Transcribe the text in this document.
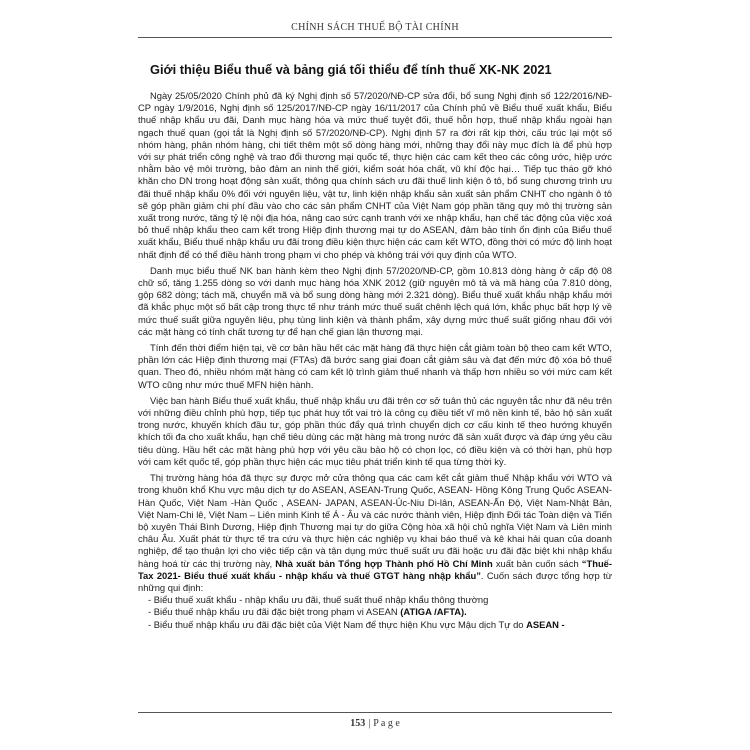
CHÍNH SÁCH THUẾ BỘ TÀI CHÍNH
Giới thiệu Biểu thuế và bảng giá tối thiểu để tính thuế XK-NK 2021

Ngày 25/05/2020 Chính phủ đã ký Nghị định số 57/2020/NĐ-CP sửa đổi, bổ sung Nghị định số 122/2016/NĐ-CP ngày 1/9/2016, Nghị định số 125/2017/NĐ-CP ngày 16/11/2017 của Chính phủ về Biểu thuế xuất khẩu, Biểu thuế nhập khẩu ưu đãi, Danh mục hàng hóa và mức thuế tuyệt đối, thuế hỗn hợp, thuế nhập khẩu ngoài hạn ngạch thuế quan (gọi tắt là Nghị định số 57/2020/NĐ-CP). Nghị định 57 ra đời rất kịp thời, cấu trúc lại một số nhóm hàng, phân nhóm hàng, chi tiết thêm một số dòng hàng mới, những thay đổi này mục đích là để phù hợp với sự phát triển công nghệ và trao đổi thương mại quốc tế, thực hiện các cam kết theo các công ước, hiệp ước nhằm bảo vệ môi trường, bảo đảm an ninh thế giới, kiểm soát hóa chất, vũ khí độc hại… Tiếp tục tháo gỡ khó khăn cho DN trong hoạt động sản xuất, thông qua chính sách ưu đãi thuế linh kiện ô tô, bổ sung chương trình ưu đãi thuế nhập khẩu 0% đối với nguyên liệu, vật tư, linh kiện nhập khẩu sản xuất sản phẩm CNHT cho ngành ô tô sẽ góp phần giảm chi phí đầu vào cho các sản phẩm CNHT của Việt Nam góp phần tăng quy mô thị trường sản xuất trong nước, tăng tỷ lệ nội địa hóa, nâng cao sức cạnh tranh với xe nhập khẩu, hạn chế tác động của việc xoá bỏ thuế nhập khẩu theo cam kết trong Hiệp định thương mại tự do ASEAN, đảm bảo tính ổn định của Biểu thuế xuất khẩu, Biểu thuế nhập khẩu ưu đãi trong điều kiện thực hiện các cam kết WTO, đồng thời có mức độ linh hoạt nhất định để có thể điều hành trong phạm vi cho phép và không trái với quy định của WTO.

Danh mục biểu thuế NK ban hành kèm theo Nghị định 57/2020/NĐ-CP, gồm 10.813 dòng hàng ở cấp độ 08 chữ số, tăng 1.255 dòng so với danh mục hàng hóa XNK 2012 (giữ nguyên mô tả và mã hàng của 7.810 dòng, gộp 682 dòng; tách mã, chuyển mã và bổ sung dòng hàng mới 2.321 dòng). Biểu thuế xuất khẩu nhập khẩu mới đã khắc phục một số bất cập trong thực tế như tránh mức thuế suất chênh lệch quá lớn, khắc phục bất hợp lý về mức thuế suất giữa nguyên liệu, phụ tùng linh kiện và thành phẩm, xây dựng mức thuế suất giống nhau đối với các mặt hàng có tính chất tương tự để hạn chế gian lận thương mại.

Tính đến thời điểm hiện tại, về cơ bản hầu hết các mặt hàng đã thực hiện cắt giảm toàn bộ theo cam kết WTO, phần lớn các Hiệp định thương mại (FTAs) đã bước sang giai đoạn cắt giảm sâu và đạt đến mức độ xóa bỏ thuế quan. Theo đó, nhiều nhóm mặt hàng có cam kết lộ trình giảm thuế nhanh và thấp hơn nhiều so với mức cam kết WTO cũng như mức thuế MFN hiện hành.

Việc ban hành Biểu thuế xuất khẩu, thuế nhập khẩu ưu đãi trên cơ sở tuân thủ các nguyên tắc như đã nêu trên với những điều chỉnh phù hợp, tiếp tục phát huy tốt vai trò là công cụ điều tiết vĩ mô nền kinh tế, bảo hộ sản xuất trong nước, khuyến khích đầu tư, góp phần thúc đẩy quá trình chuyển dịch cơ cấu kinh tế theo hướng khuyến khích tối đa cho xuất khẩu, hạn chế tiêu dùng các mặt hàng mà trong nước đã sản xuất được và đáp ứng yêu cầu tiêu dùng. Hầu hết các mặt hàng phù hợp với yêu cầu bảo hộ có chọn lọc, có điều kiện và có thời hạn, phù hợp với cam kết quốc tế, góp phần thực hiện các mục tiêu phát triển kinh tế qua từng thời kỳ.

Thị trường hàng hóa đã thực sự được mở cửa thông qua các cam kết cắt giảm thuế Nhập khẩu với WTO và trong khuôn khổ Khu vực mậu dịch tự do ASEAN, ASEAN-Trung Quốc, ASEAN- Hồng Kông Trung Quốc ASEAN-Hàn Quốc, Việt Nam -Hàn Quốc , ASEAN- JAPAN, ASEAN-Úc-Niu Di-lân, ASEAN-Ấn Độ, Việt Nam-Nhật Bản, Việt Nam-Chi lê, Việt Nam – Liên minh Kinh tế Á - Âu và các nước thành viên, Hiệp định Đối tác Toàn diện và Tiến bộ xuyên Thái Bình Dương, Hiệp định Thương mại tự do giữa Cộng hòa xã hội chủ nghĩa Việt Nam và Liên minh châu Âu. Xuất phát từ thực tế tra cứu và thực hiện các nghiệp vụ khai báo thuế và kê khai hải quan của doanh nghiệp, để tạo thuận lợi cho việc tiếp cận và tận dụng mức thuế suất ưu đãi hoặc ưu đãi đặc biệt khi nhập khẩu hàng hoá từ các thị trường này, Nhà xuất bản Tổng hợp Thành phố Hồ Chí Minh xuất bản cuốn sách “Thuế-Tax 2021- Biểu thuế xuất khẩu - nhập khẩu và thuế GTGT hàng nhập khẩu”. Cuốn sách được tổng hợp từ những qui định:

- Biểu thuế xuất khẩu - nhập khẩu ưu đãi, thuế suất thuế nhập khẩu thông thường
- Biểu thuế nhập khẩu ưu đãi đặc biệt trong phạm vi ASEAN (ATIGA /AFTA).
- Biểu thuế nhập khẩu ưu đãi đặc biệt của Việt Nam để thực hiện Khu vực Mậu dịch Tự do ASEAN -
153 | P a g e
